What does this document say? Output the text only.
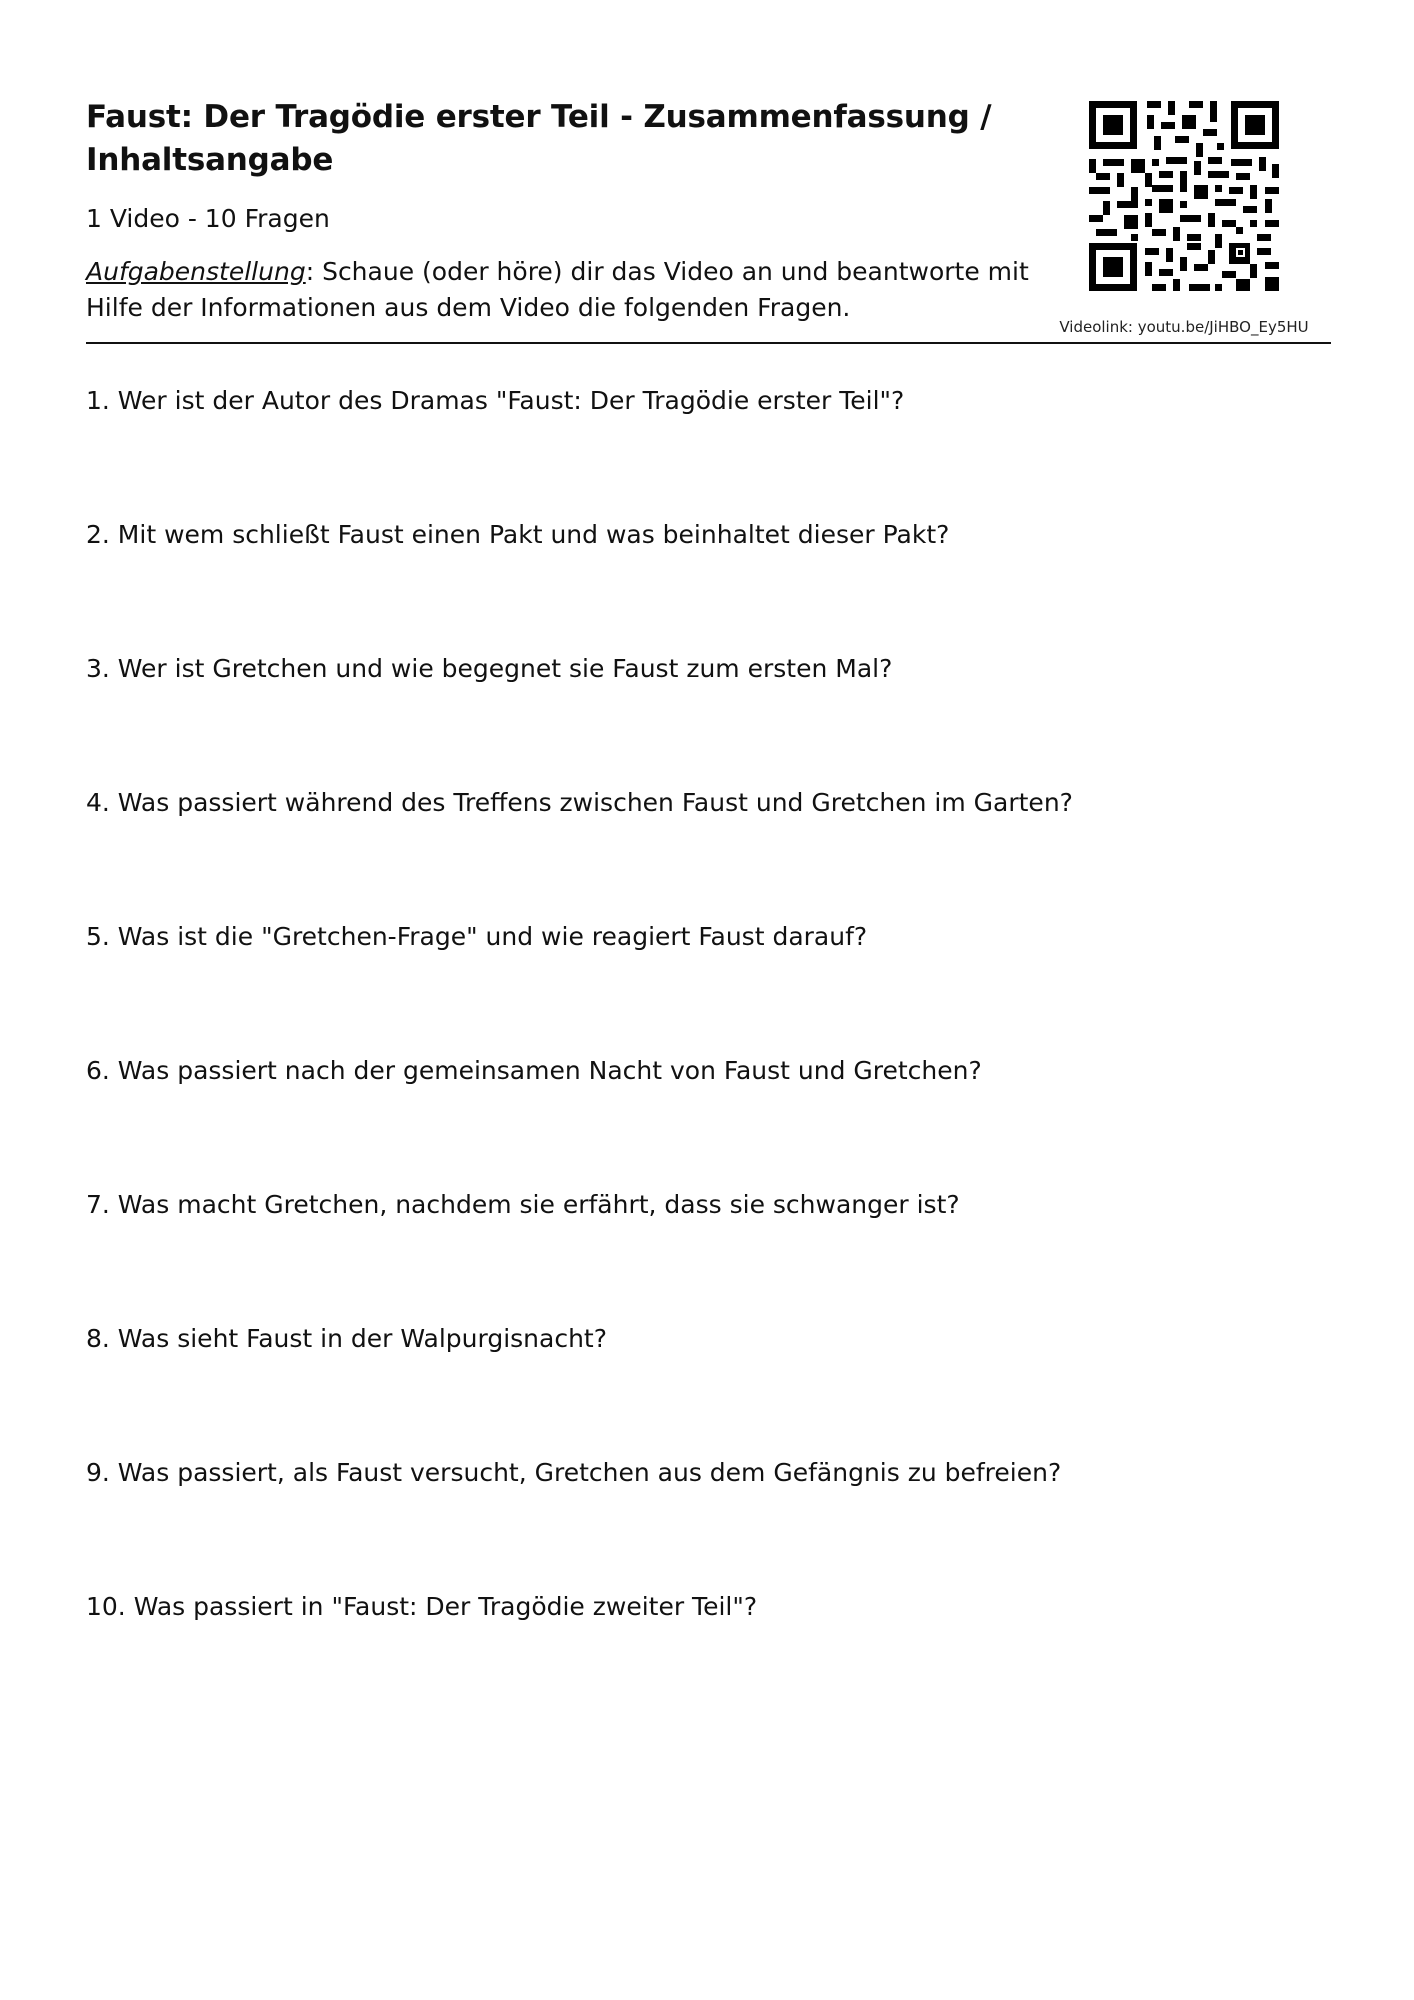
Faust: Der Tragödie erster Teil - Zusammenfassung / Inhaltsangabe
1 Video - 10 Fragen
Aufgabenstellung: Schaue (oder höre) dir das Video an und beantworte mit Hilfe der Informationen aus dem Video die folgenden Fragen.
Videolink: youtu.be/JiHBO_Ey5HU
1. Wer ist der Autor des Dramas "Faust: Der Tragödie erster Teil"?
2. Mit wem schließt Faust einen Pakt und was beinhaltet dieser Pakt?
3. Wer ist Gretchen und wie begegnet sie Faust zum ersten Mal?
4. Was passiert während des Treffens zwischen Faust und Gretchen im Garten?
5. Was ist die "Gretchen-Frage" und wie reagiert Faust darauf?
6. Was passiert nach der gemeinsamen Nacht von Faust und Gretchen?
7. Was macht Gretchen, nachdem sie erfährt, dass sie schwanger ist?
8. Was sieht Faust in der Walpurgisnacht?
9. Was passiert, als Faust versucht, Gretchen aus dem Gefängnis zu befreien?
10. Was passiert in "Faust: Der Tragödie zweiter Teil"?
